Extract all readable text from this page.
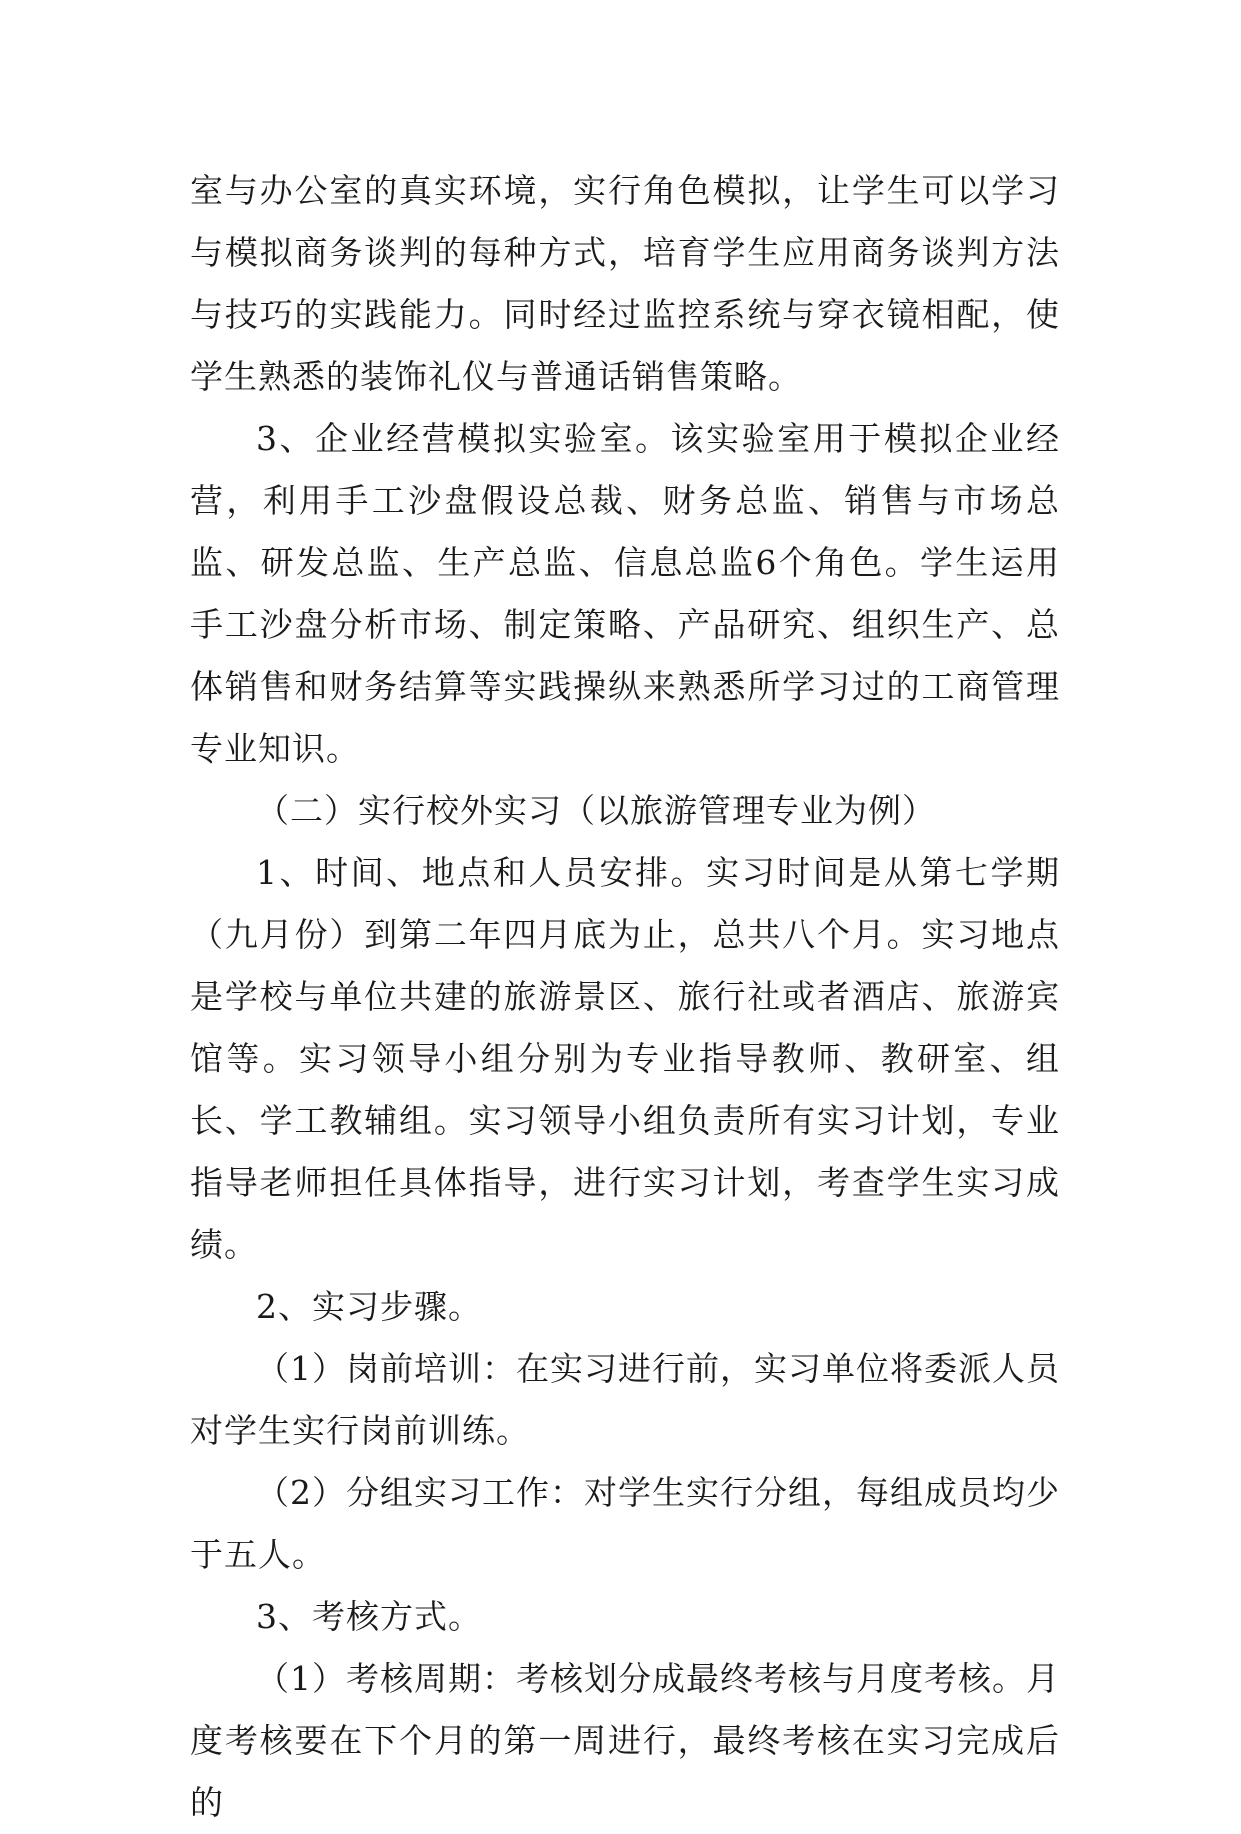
室与办公室的真实环境，实行角色模拟，让学生可以学习与模拟商务谈判的每种方式，培育学生应用商务谈判方法与技巧的实践能力。同时经过监控系统与穿衣镜相配，使学生熟悉的装饰礼仪与普通话销售策略。

3、企业经营模拟实验室。该实验室用于模拟企业经营，利用手工沙盘假设总裁、财务总监、销售与市场总监、研发总监、生产总监、信息总监6个角色。学生运用手工沙盘分析市场、制定策略、产品研究、组织生产、总体销售和财务结算等实践操纵来熟悉所学习过的工商管理专业知识。

（二）实行校外实习（以旅游管理专业为例）

1、时间、地点和人员安排。实习时间是从第七学期（九月份）到第二年四月底为止，总共八个月。实习地点是学校与单位共建的旅游景区、旅行社或者酒店、旅游宾馆等。实习领导小组分别为专业指导教师、教研室、组长、学工教辅组。实习领导小组负责所有实习计划，专业指导老师担任具体指导，进行实习计划，考查学生实习成绩。

2、实习步骤。

（1）岗前培训：在实习进行前，实习单位将委派人员对学生实行岗前训练。

（2）分组实习工作：对学生实行分组，每组成员均少于五人。

3、考核方式。

（1）考核周期：考核划分成最终考核与月度考核。月度考核要在下个月的第一周进行，最终考核在实习完成后的
